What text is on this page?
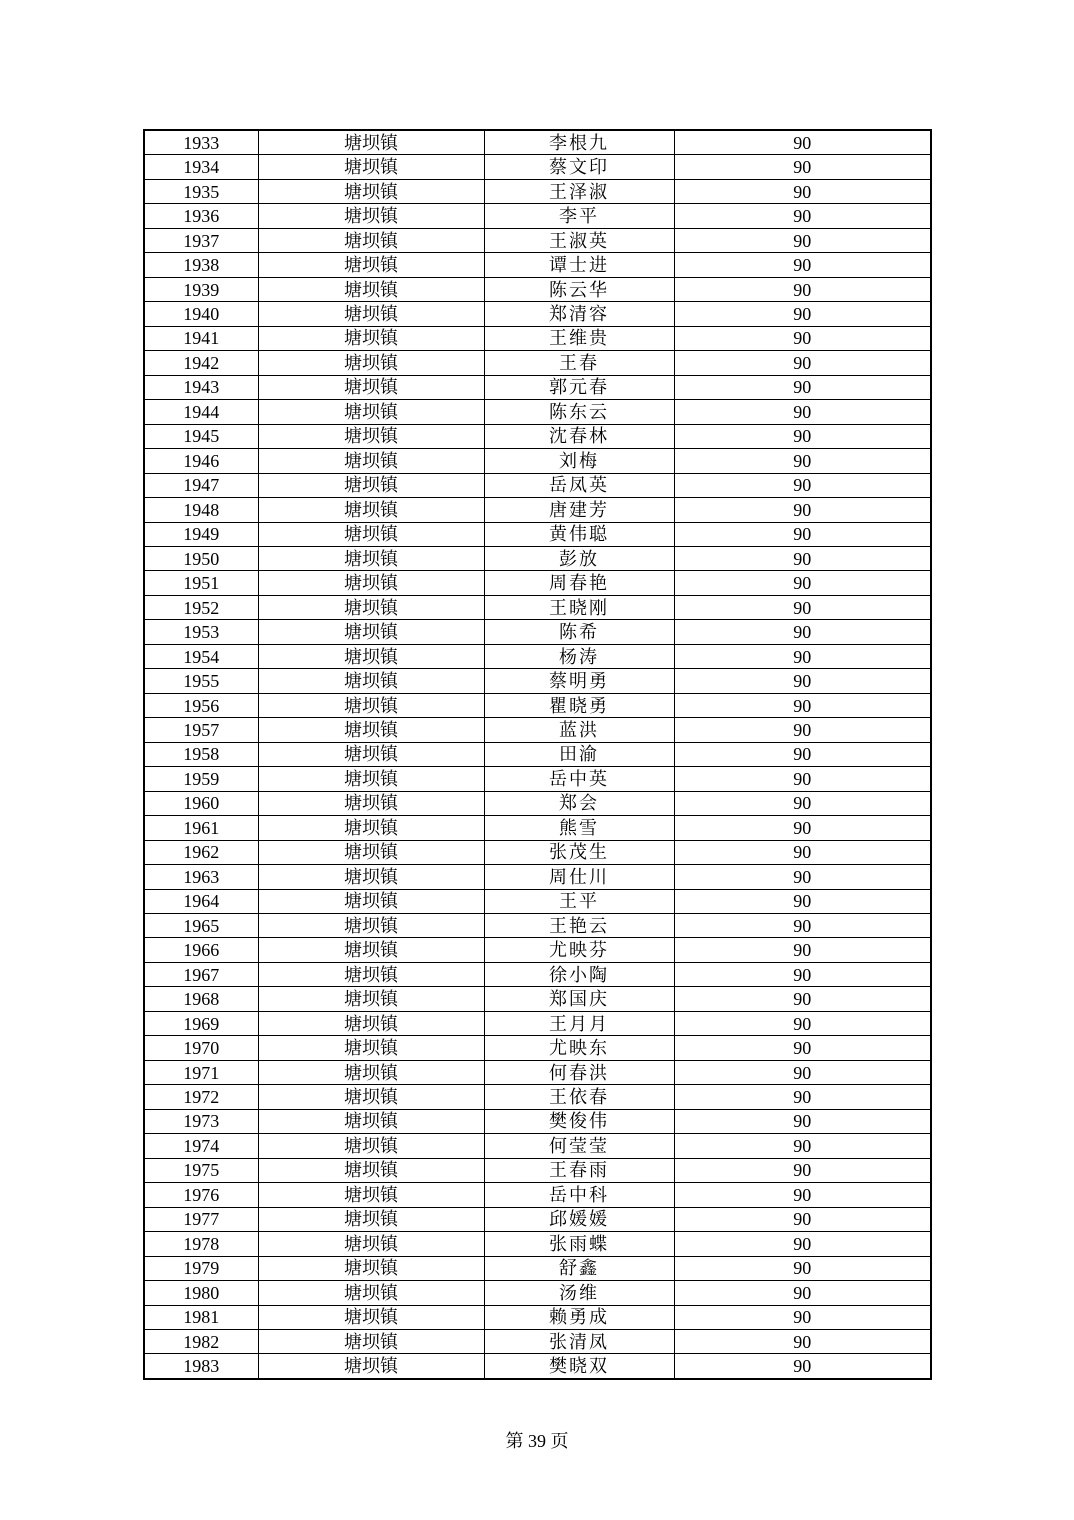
1933	塘坝镇	李根九	90
1934	塘坝镇	蔡文印	90
1935	塘坝镇	王泽淑	90
1936	塘坝镇	李平	90
1937	塘坝镇	王淑英	90
1938	塘坝镇	谭士进	90
1939	塘坝镇	陈云华	90
1940	塘坝镇	郑清容	90
1941	塘坝镇	王维贵	90
1942	塘坝镇	王春	90
1943	塘坝镇	郭元春	90
1944	塘坝镇	陈东云	90
1945	塘坝镇	沈春林	90
1946	塘坝镇	刘梅	90
1947	塘坝镇	岳凤英	90
1948	塘坝镇	唐建芳	90
1949	塘坝镇	黄伟聪	90
1950	塘坝镇	彭放	90
1951	塘坝镇	周春艳	90
1952	塘坝镇	王晓刚	90
1953	塘坝镇	陈希	90
1954	塘坝镇	杨涛	90
1955	塘坝镇	蔡明勇	90
1956	塘坝镇	瞿晓勇	90
1957	塘坝镇	蓝洪	90
1958	塘坝镇	田渝	90
1959	塘坝镇	岳中英	90
1960	塘坝镇	郑会	90
1961	塘坝镇	熊雪	90
1962	塘坝镇	张茂生	90
1963	塘坝镇	周仕川	90
1964	塘坝镇	王平	90
1965	塘坝镇	王艳云	90
1966	塘坝镇	尤映芬	90
1967	塘坝镇	徐小陶	90
1968	塘坝镇	郑国庆	90
1969	塘坝镇	王月月	90
1970	塘坝镇	尤映东	90
1971	塘坝镇	何春洪	90
1972	塘坝镇	王依春	90
1973	塘坝镇	樊俊伟	90
1974	塘坝镇	何莹莹	90
1975	塘坝镇	王春雨	90
1976	塘坝镇	岳中科	90
1977	塘坝镇	邱媛媛	90
1978	塘坝镇	张雨蝶	90
1979	塘坝镇	舒鑫	90
1980	塘坝镇	汤维	90
1981	塘坝镇	赖勇成	90
1982	塘坝镇	张清凤	90
1983	塘坝镇	樊晓双	90
第 39 页
